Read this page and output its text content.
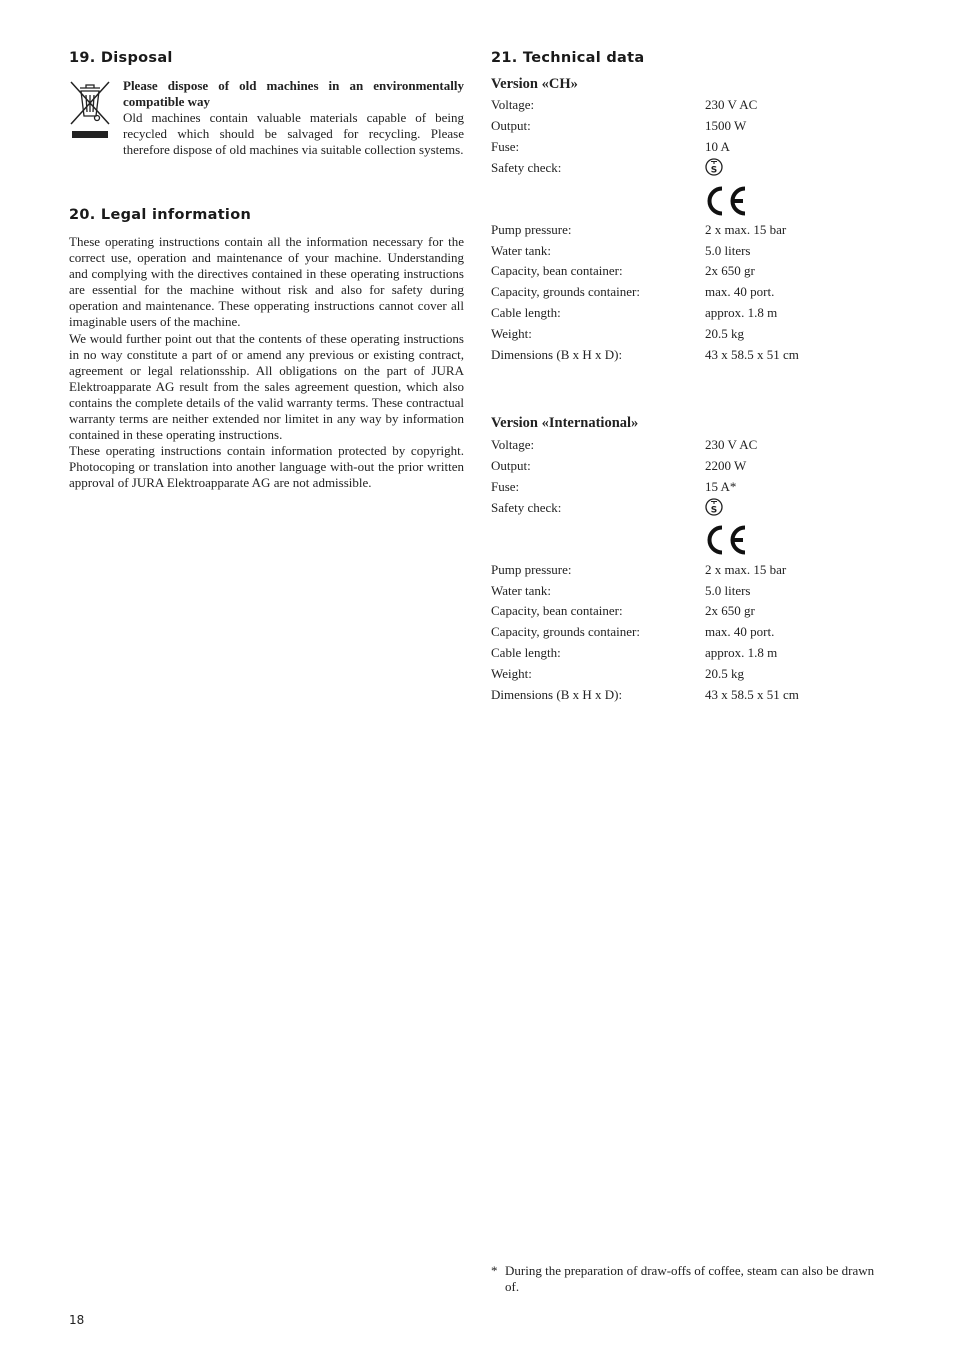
19. Disposal

Please dispose of old machines in an environmentally compatible way

Old machines contain valuable materials capable of being recycled which should be salvaged for recycling. Please therefore dispose of old machines via suitable collection systems.

20. Legal information

These operating instructions contain all the information necessary for the correct use, operation and maintenance of your machine. Understanding and complying with the directives contained in these operating instructions are essential for the machine without risk and also for safety during operation and maintenance. These opperating instructions cannot cover all imaginable users of the machine.

We would further point out that the contents of these operating instructions in no way constitute a part of or amend any previous or existing contract, agreement or legal relationsship. All obligations on the part of JURA Elektroapparate AG result from the sales agreement question, which also contains the complete details of the valid warranty terms. These contractual warranty terms are neither extended nor limitet in any way by information contained in these operating instructions.

These operating instructions contain information protected by copyright. Photocoping or translation into another language with-out the prior written approval of JURA Elektroapparate AG are not admissible.

21. Technical data
Version «CH»
Voltage:	230 V AC
Output:	1500 W
Fuse:	10 A
Safety check:
Pump pressure:	2 x max. 15 bar
Water tank:	5.0 liters
Capacity, bean container:	2x 650 gr
Capacity, grounds container:	max. 40 port.
Cable length:	approx. 1.8 m
Weight:	20.5 kg
Dimensions (B x H x D):	43 x 58.5 x 51 cm
S
Version «International»
Voltage:	230 V AC
Output:	2200 W
Fuse:	15 A*
Safety check:
Pump pressure:	2 x max. 15 bar
Water tank:	5.0 liters
Capacity, bean container:	2x 650 gr
Capacity, grounds container:	max. 40 port.
Cable length:	approx. 1.8 m
Weight:	20.5 kg
Dimensions (B x H x D):	43 x 58.5 x 51 cm
S
* During the preparation of draw-offs of coffee, steam can also be drawn of.
18
